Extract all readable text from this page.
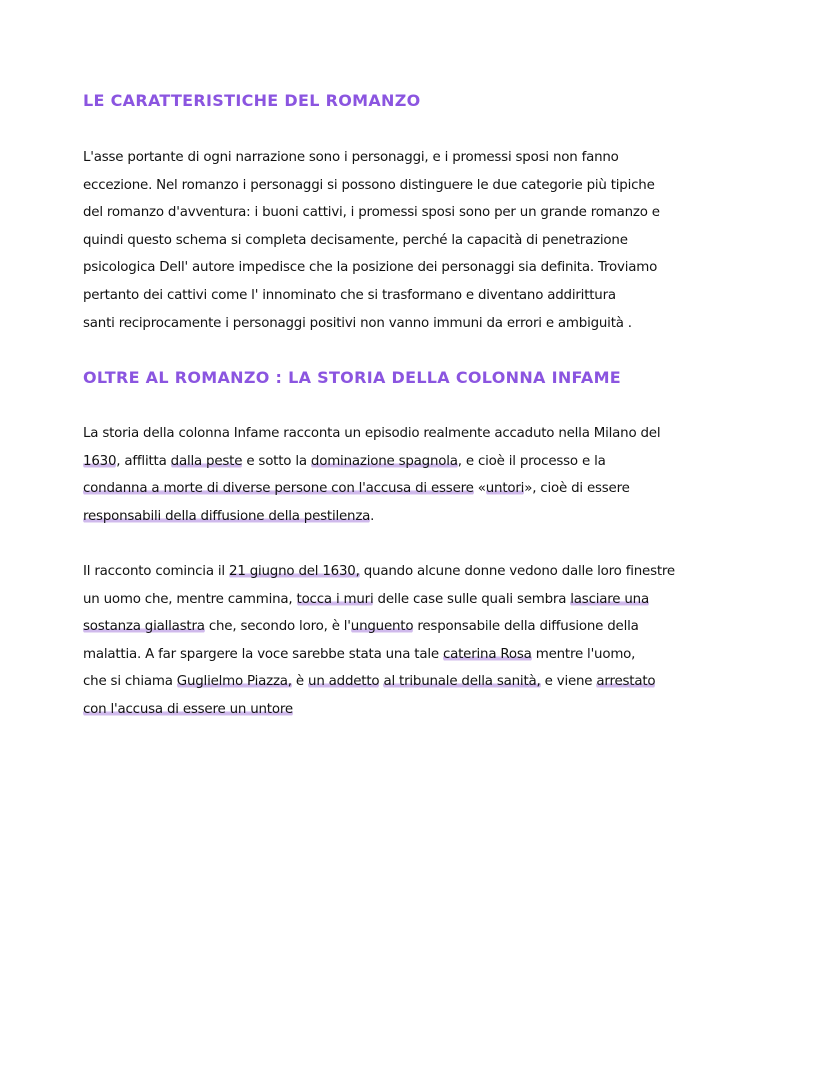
LE CARATTERISTICHE DEL ROMANZO
L'asse portante di ogni narrazione sono i personaggi, e i promessi sposi non fanno
eccezione. Nel romanzo i personaggi si possono distinguere le due categorie più tipiche
del romanzo d'avventura: i buoni cattivi, i promessi sposi sono per un grande romanzo e
quindi questo schema si completa decisamente, perché la capacità di penetrazione
psicologica Dell' autore impedisce che la posizione dei personaggi sia definita. Troviamo
pertanto dei cattivi come l' innominato che si trasformano e diventano addirittura
santi reciprocamente i personaggi positivi non vanno immuni da errori e ambiguità .
OLTRE AL ROMANZO : LA STORIA DELLA COLONNA INFAME
La storia della colonna Infame racconta un episodio realmente accaduto nella Milano del
1630, afflitta dalla peste e sotto la dominazione spagnola, e cioè il processo e la
condanna a morte di diverse persone con l'accusa di essere «untori», cioè di essere
responsabili della diffusione della pestilenza.
Il racconto comincia il 21 giugno del 1630, quando alcune donne vedono dalle loro finestre
un uomo che, mentre cammina, tocca i muri delle case sulle quali sembra lasciare una
sostanza giallastra che, secondo loro, è l'unguento responsabile della diffusione della
malattia. A far spargere la voce sarebbe stata una tale caterina Rosa mentre l'uomo,
che si chiama Guglielmo Piazza, è un addetto al tribunale della sanità, e viene arrestato
con l'accusa di essere un untore
